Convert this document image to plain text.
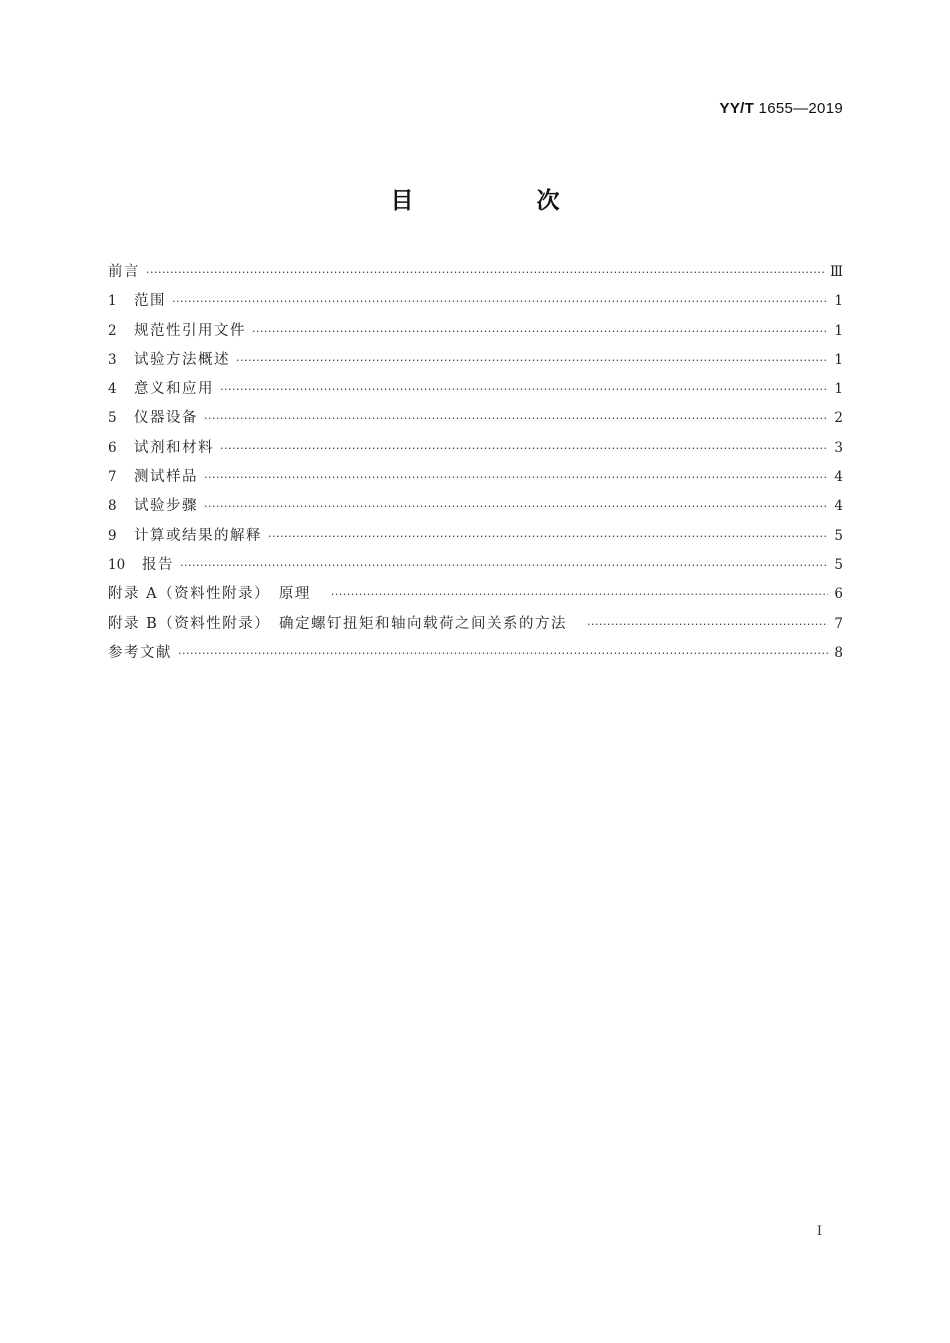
YY/T 1655—2019
目　次
前言 ·····	Ⅲ
1	范围 ·····	1
2	规范性引用文件 ·····	1
3	试验方法概述 ·····	1
4	意义和应用 ·····	1
5	仪器设备 ·····	2
6	试剂和材料 ·····	3
7	测试样品 ·····	4
8	试验步骤 ·····	4
9	计算或结果的解释 ·····	5
10	报告 ·····	5
附录 A（资料性附录）　原理 ·····	6
附录 B（资料性附录）　确定螺钉扭矩和轴向载荷之间关系的方法 ·····	7
参考文献 ·····	8
I
